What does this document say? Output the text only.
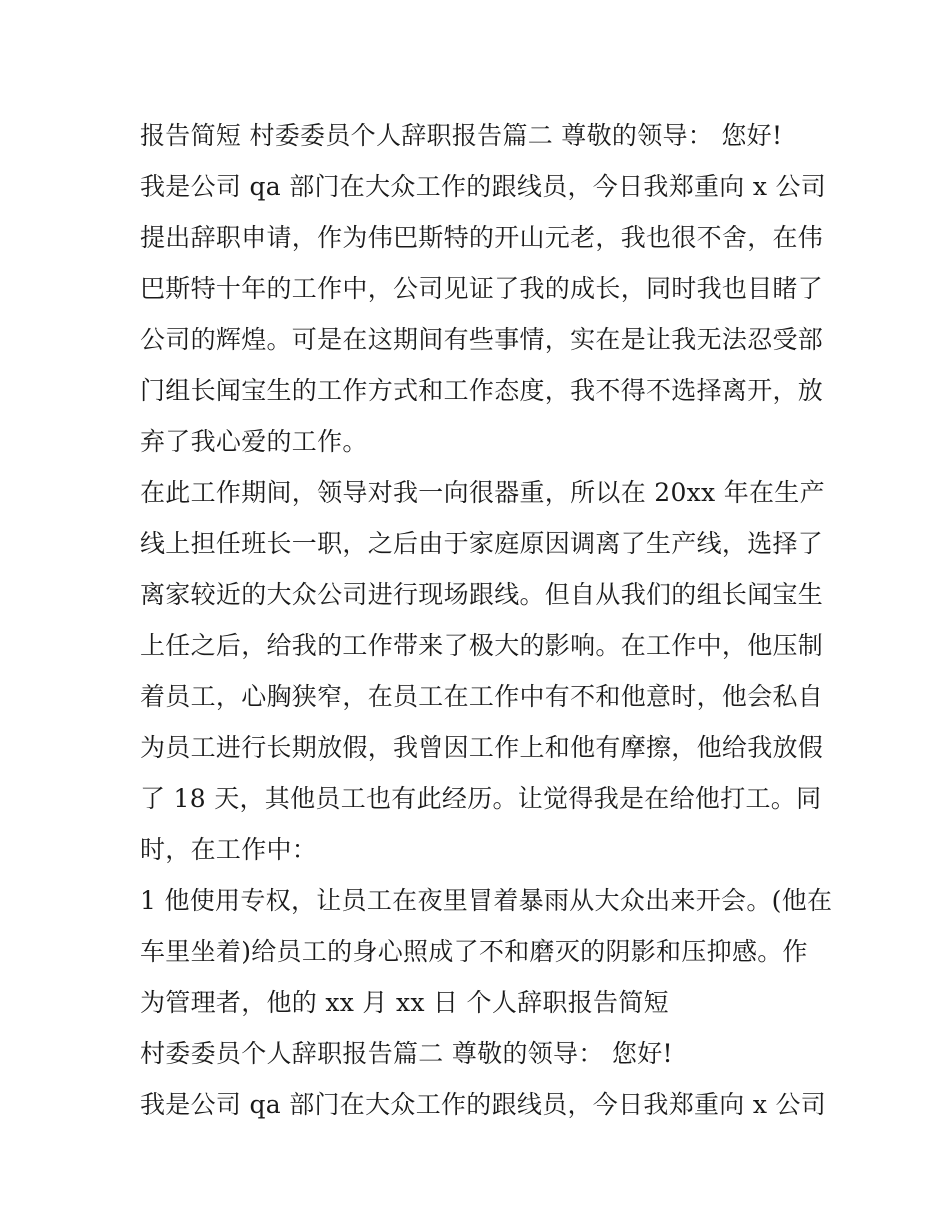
报告简短 村委委员个人辞职报告篇二 尊敬的领导： 您好!
我是公司 qa 部门在大众工作的跟线员，今日我郑重向 x 公司
提出辞职申请，作为伟巴斯特的开山元老，我也很不舍，在伟
巴斯特十年的工作中，公司见证了我的成长，同时我也目睹了
公司的辉煌。可是在这期间有些事情，实在是让我无法忍受部
门组长闻宝生的工作方式和工作态度，我不得不选择离开，放
弃了我心爱的工作。
在此工作期间，领导对我一向很器重，所以在 20xx 年在生产
线上担任班长一职，之后由于家庭原因调离了生产线，选择了
离家较近的大众公司进行现场跟线。但自从我们的组长闻宝生
上任之后，给我的工作带来了极大的影响。在工作中，他压制
着员工，心胸狭窄，在员工在工作中有不和他意时，他会私自
为员工进行长期放假，我曾因工作上和他有摩擦，他给我放假
了 18 天，其他员工也有此经历。让觉得我是在给他打工。同
时，在工作中：
1 他使用专权，让员工在夜里冒着暴雨从大众出来开会。(他在
车里坐着)给员工的身心照成了不和磨灭的阴影和压抑感。作
为管理者，他的 xx 月 xx 日 个人辞职报告简短
村委委员个人辞职报告篇二 尊敬的领导： 您好!
我是公司 qa 部门在大众工作的跟线员，今日我郑重向 x 公司
